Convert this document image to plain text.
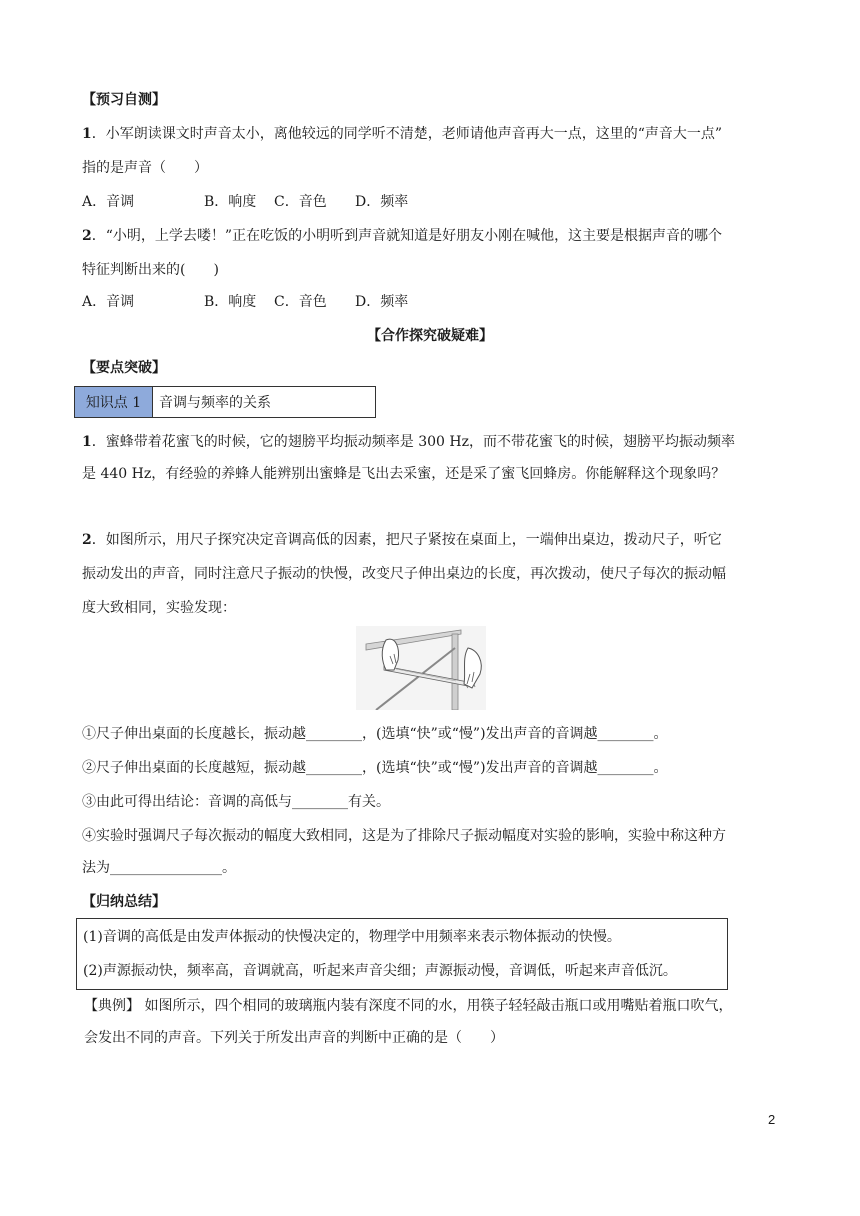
【预习自测】
1．小军朗读课文时声音太小，离他较远的同学听不清楚，老师请他声音再大一点，这里的“声音大一点”
指的是声音（　　）
A．音调	B．响度 C．音色 D．频率
2．“小明，上学去喽！”正在吃饭的小明听到声音就知道是好朋友小刚在喊他，这主要是根据声音的哪个
特征判断出来的(　　)
A．音调	B．响度 C．音色 D．频率
【合作探究破疑难】
【要点突破】
知识点 1	音调与频率的关系
1．蜜蜂带着花蜜飞的时候，它的翅膀平均振动频率是 300 Hz，而不带花蜜飞的时候，翅膀平均振动频率
是 440 Hz，有经验的养蜂人能辨别出蜜蜂是飞出去采蜜，还是采了蜜飞回蜂房。你能解释这个现象吗？
2．如图所示，用尺子探究决定音调高低的因素，把尺子紧按在桌面上，一端伸出桌边，拨动尺子，听它
振动发出的声音，同时注意尺子振动的快慢，改变尺子伸出桌边的长度，再次拨动，使尺子每次的振动幅
度大致相同，实验发现：
①尺子伸出桌面的长度越长，振动越________，(选填“快”或“慢”)发出声音的音调越________。
②尺子伸出桌面的长度越短，振动越________，(选填“快”或“慢”)发出声音的音调越________。
③由此可得出结论：音调的高低与________有关。
④实验时强调尺子每次振动的幅度大致相同，这是为了排除尺子振动幅度对实验的影响，实验中称这种方
法为________________。
【归纳总结】
(1)音调的高低是由发声体振动的快慢决定的，物理学中用频率来表示物体振动的快慢。
(2)声源振动快，频率高，音调就高，听起来声音尖细；声源振动慢，音调低，听起来声音低沉。
【典例】 如图所示，四个相同的玻璃瓶内装有深度不同的水，用筷子轻轻敲击瓶口或用嘴贴着瓶口吹气，
会发出不同的声音。下列关于所发出声音的判断中正确的是（　　）
2
